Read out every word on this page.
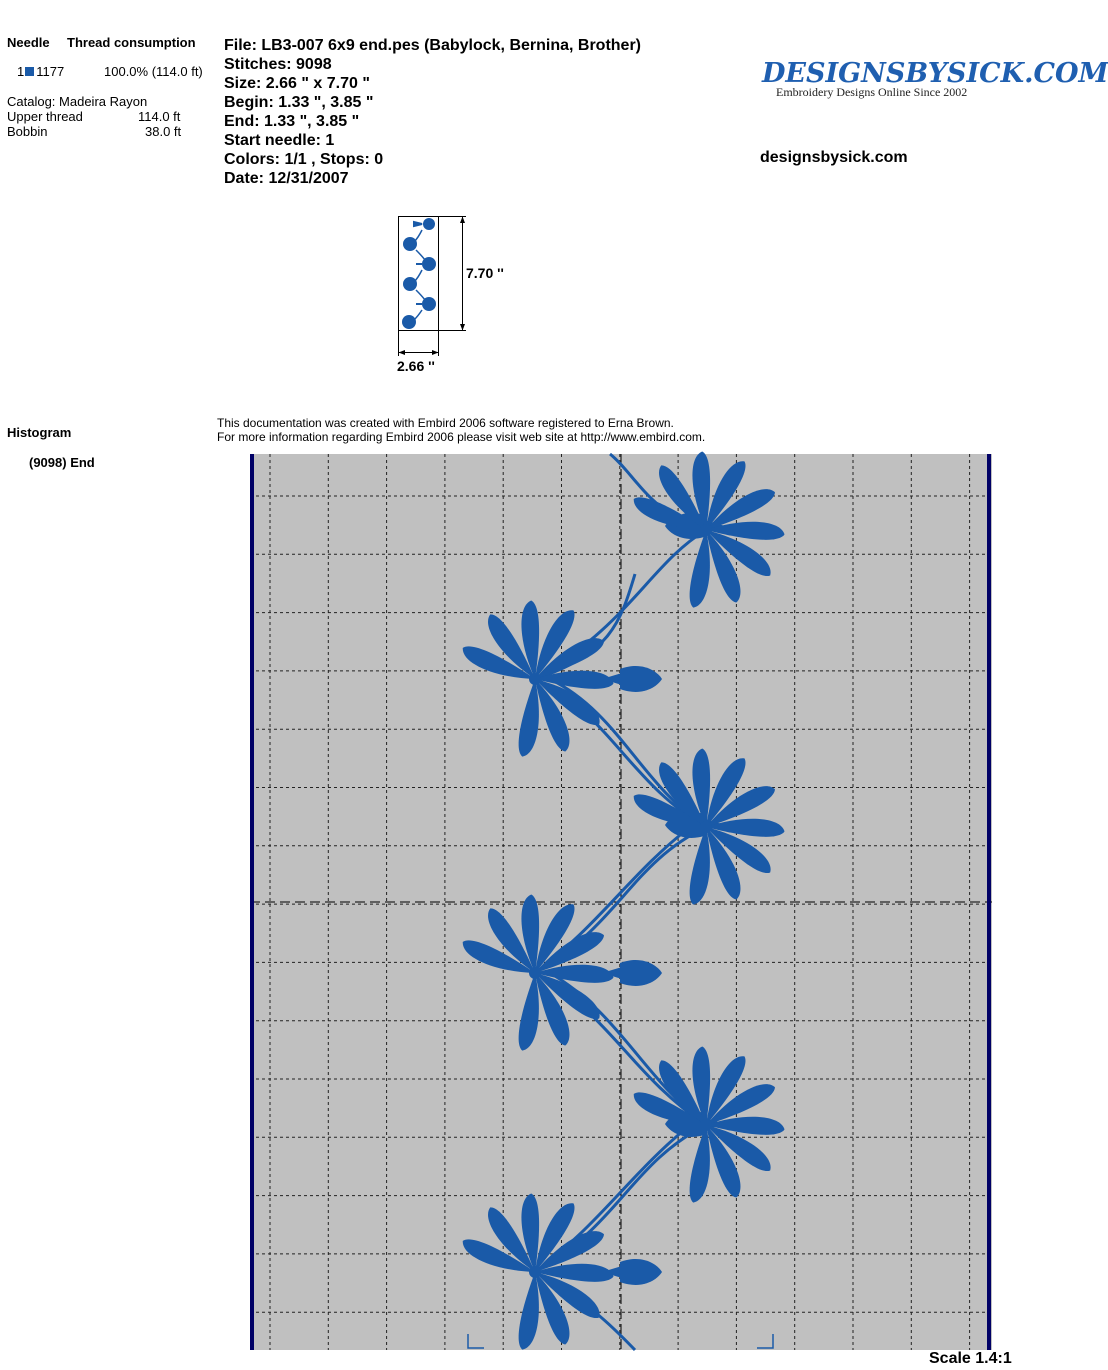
Needle Thread consumption
1 1177	100.0% (114.0 ft)
Catalog: Madeira Rayon
Upper thread	114.0 ft
Bobbin	38.0 ft
File: LB3-007 6x9 end.pes (Babylock, Bernina, Brother)
Stitches: 9098
Size: 2.66 " x 7.70 "
Begin: 1.33 ", 3.85 "
End: 1.33 ", 3.85 "
Start needle: 1
Colors: 1/1 , Stops: 0
Date: 12/31/2007
DESIGNSBYSICK.COM
Embroidery Designs Online Since 2002
designsbysick.com
7.70 ''
2.66 ''
Histogram
(9098) End
This documentation was created with Embird 2006 software registered to Erna Brown.
For more information regarding Embird 2006 please visit web site at http://www.embird.com.
Scale 1.4:1
